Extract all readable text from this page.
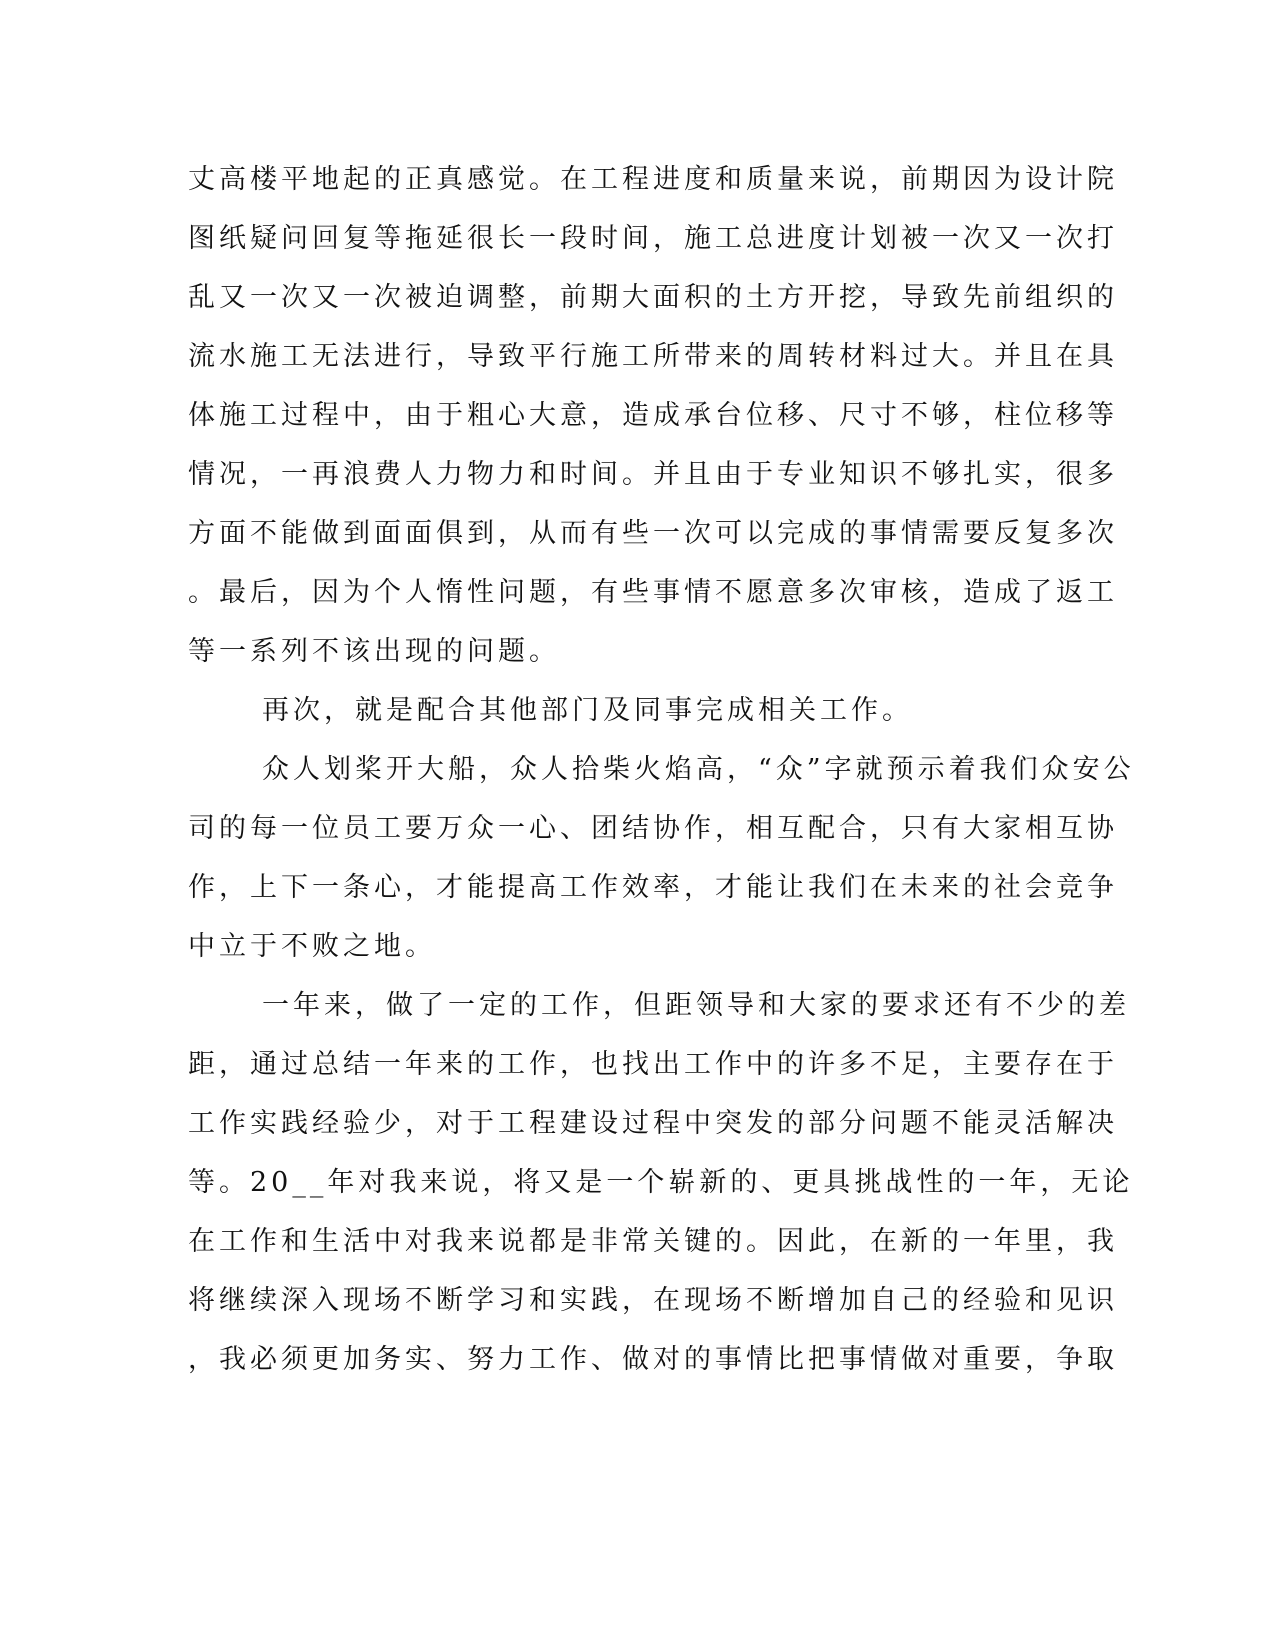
丈高楼平地起的正真感觉。在工程进度和质量来说，前期因为设计院

图纸疑问回复等拖延很长一段时间，施工总进度计划被一次又一次打

乱又一次又一次被迫调整，前期大面积的土方开挖，导致先前组织的

流水施工无法进行，导致平行施工所带来的周转材料过大。并且在具

体施工过程中，由于粗心大意，造成承台位移、尺寸不够，柱位移等

情况，一再浪费人力物力和时间。并且由于专业知识不够扎实，很多

方面不能做到面面俱到，从而有些一次可以完成的事情需要反复多次

。最后，因为个人惰性问题，有些事情不愿意多次审核，造成了返工

等一系列不该出现的问题。

再次，就是配合其他部门及同事完成相关工作。

众人划桨开大船，众人拾柴火焰高，“众”字就预示着我们众安公

司的每一位员工要万众一心、团结协作，相互配合，只有大家相互协

作，上下一条心，才能提高工作效率，才能让我们在未来的社会竞争

中立于不败之地。

一年来，做了一定的工作，但距领导和大家的要求还有不少的差

距，通过总结一年来的工作，也找出工作中的许多不足，主要存在于

工作实践经验少，对于工程建设过程中突发的部分问题不能灵活解决

等。20__年对我来说，将又是一个崭新的、更具挑战性的一年，无论

在工作和生活中对我来说都是非常关键的。因此，在新的一年里，我

将继续深入现场不断学习和实践，在现场不断增加自己的经验和见识

，我必须更加务实、努力工作、做对的事情比把事情做对重要，争取
